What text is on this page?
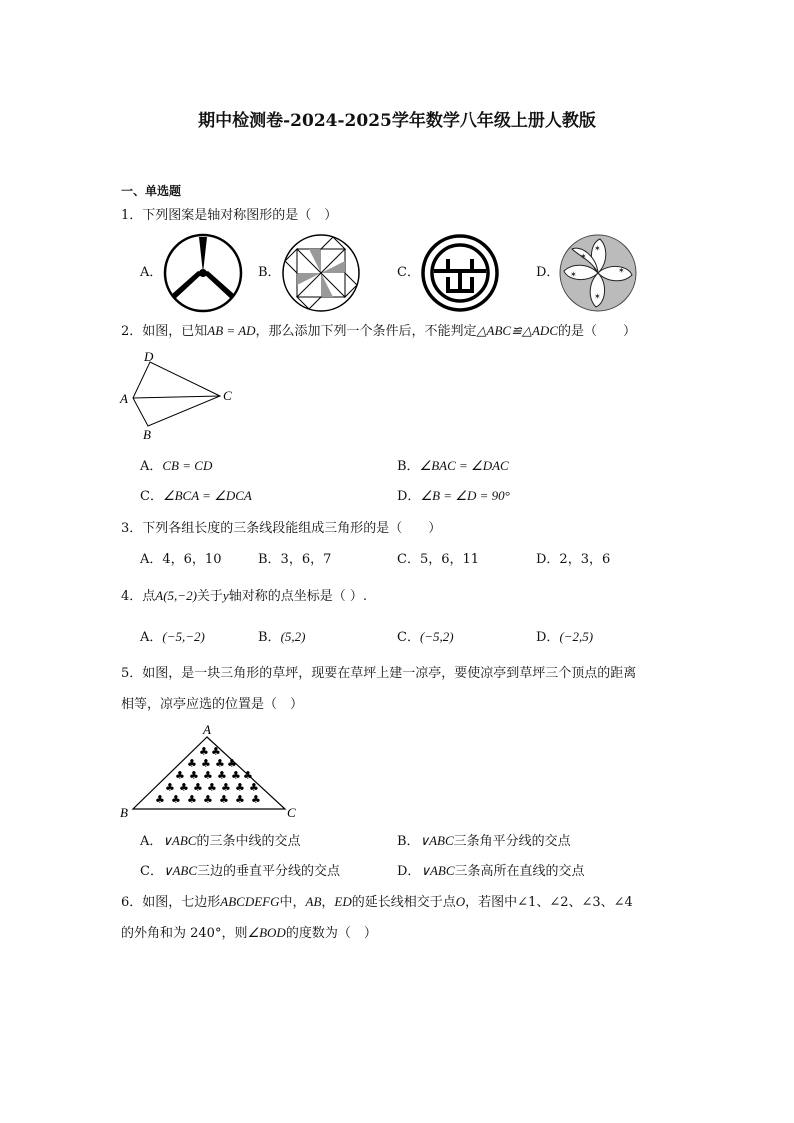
期中检测卷-2024-2025学年数学八年级上册人教版
一、单选题
1．下列图案是轴对称图形的是（　）
A．	B．	C．	D．
✶
✶
✶
✶
✶
2．如图，已知AB = AD，那么添加下列一个条件后，不能判定△ABC≌△ADC的是（　　）
D
A	C
B
A．CB = CD	B．∠BAC = ∠DAC
C．∠BCA = ∠DCA	D．∠B = ∠D = 90°
3．下列各组长度的三条线段能组成三角形的是（　　）
A．4，6，10	B．3，6，7	C．5，6，11	D．2，3，6
4．点A(5,−2)关于y轴对称的点坐标是（ ）.
A．(−5,−2)	B．(5,2)	C．(−5,2)	D．(−2,5)
5．如图，是一块三角形的草坪，现要在草坪上建一凉亭，要使凉亭到草坪三个顶点的距离
相等，凉亭应选的位置是（　）
A
B	C
♣ ♣
♣ ♣ ♣ ♣
♣ ♣ ♣ ♣ ♣ ♣
♣ ♣ ♣ ♣ ♣ ♣ ♣
♣ ♣ ♣ ♣ ♣ ♣ ♣
A．∨ABC的三条中线的交点	B．∨ABC三条角平分线的交点
C．∨ABC三边的垂直平分线的交点	D．∨ABC三条高所在直线的交点
6．如图，七边形ABCDEFG中，AB，ED的延长线相交于点O，若图中∠1、∠2、∠3、∠4
的外角和为 240°，则∠BOD的度数为（　）
